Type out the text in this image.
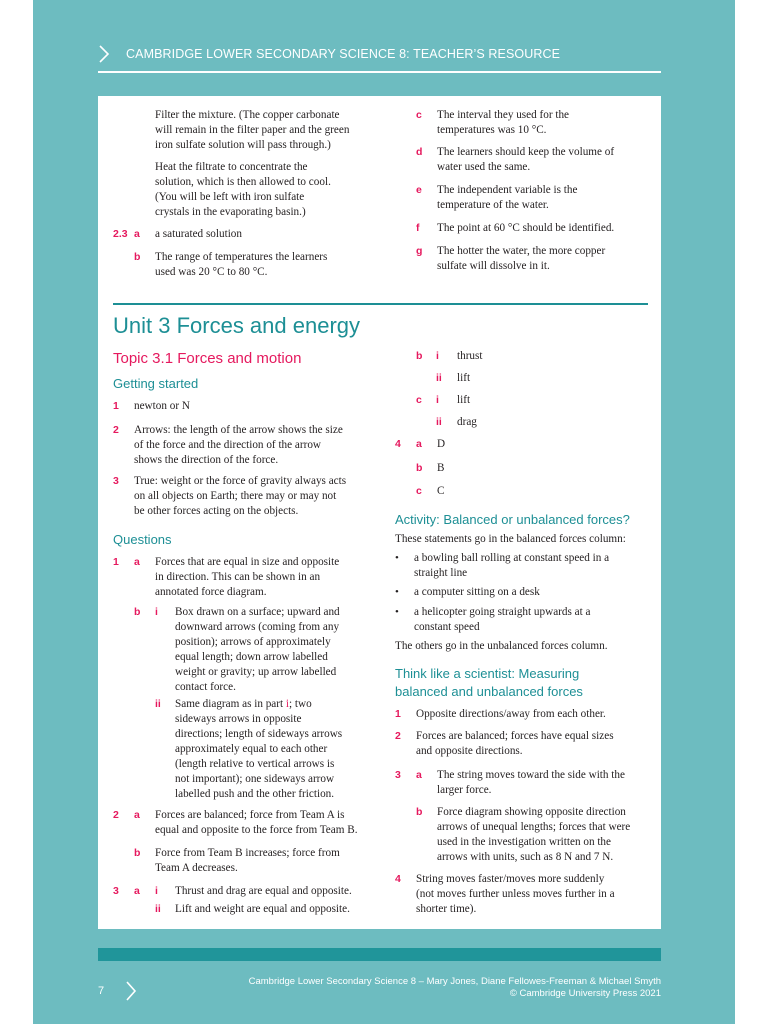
CAMBRIDGE LOWER SECONDARY SCIENCE 8: TEACHER’S RESOURCE
Filter the mixture. (The copper carbonate
will remain in the filter paper and the green
iron sulfate solution will pass through.)
Heat the filtrate to concentrate the
solution, which is then allowed to cool.
(You will be left with iron sulfate
crystals in the evaporating basin.)
2.3 a a saturated solution
b The range of temperatures the learners
used was 20 °C to 80 °C.
c The interval they used for the
temperatures was 10 °C.
d The learners should keep the volume of
water used the same.
e The independent variable is the
temperature of the water.
f The point at 60 °C should be identified.
g The hotter the water, the more copper
sulfate will dissolve in it.
Unit 3 Forces and energy
Topic 3.1 Forces and motion
Getting started
1 newton or N
2 Arrows: the length of the arrow shows the size
of the force and the direction of the arrow
shows the direction of the force.
3 True: weight or the force of gravity always acts
on all objects on Earth; there may or may not
be other forces acting on the objects.
Questions
1 a Forces that are equal in size and opposite
in direction. This can be shown in an
annotated force diagram.
b i Box drawn on a surface; upward and
downward arrows (coming from any
position); arrows of approximately
equal length; down arrow labelled
weight or gravity; up arrow labelled
contact force.
ii Same diagram as in part i; two
sideways arrows in opposite
directions; length of sideways arrows
approximately equal to each other
(length relative to vertical arrows is
not important); one sideways arrow
labelled push and the other friction.
2 a Forces are balanced; force from Team A is
equal and opposite to the force from Team B.
b Force from Team B increases; force from
Team A decreases.
3 a i Thrust and drag are equal and opposite.
ii Lift and weight are equal and opposite.
b i thrust
ii lift
c i lift
ii drag
4 a D
b B
c C
Activity: Balanced or unbalanced forces?
These statements go in the balanced forces column:
• a bowling ball rolling at constant speed in a
straight line
• a computer sitting on a desk
• a helicopter going straight upwards at a
constant speed
The others go in the unbalanced forces column.
Think like a scientist: Measuring
balanced and unbalanced forces
1 Opposite directions/away from each other.
2 Forces are balanced; forces have equal sizes
and opposite directions.
3 a The string moves toward the side with the
larger force.
b Force diagram showing opposite direction
arrows of unequal lengths; forces that were
used in the investigation written on the
arrows with units, such as 8 N and 7 N.
4 String moves faster/moves more suddenly
(not moves further unless moves further in a
shorter time).
7
Cambridge Lower Secondary Science 8 – Mary Jones, Diane Fellowes-Freeman & Michael Smyth
© Cambridge University Press 2021
